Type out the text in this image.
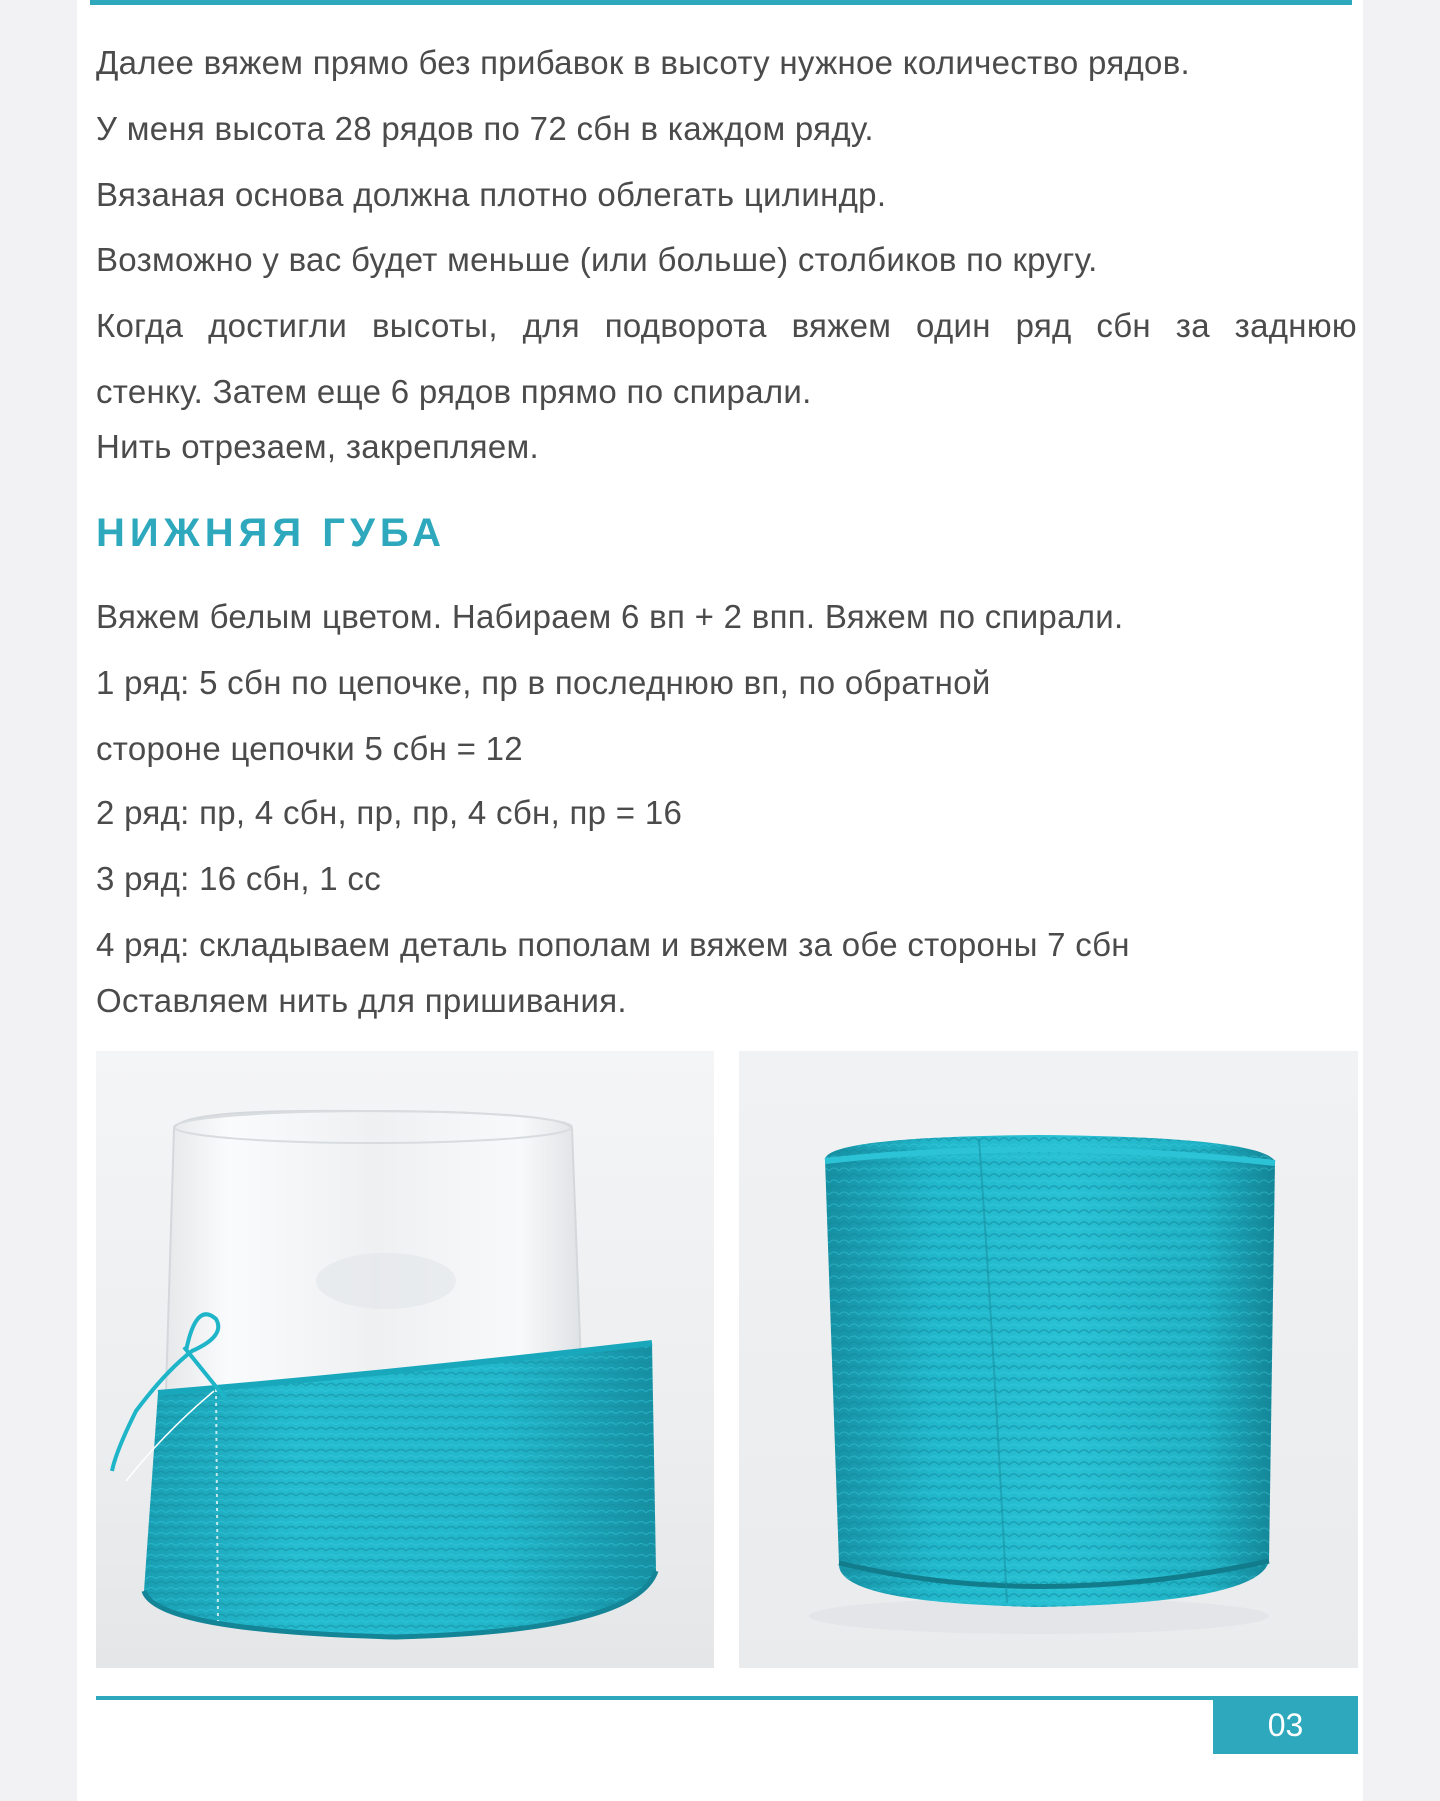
Далее вяжем прямо без прибавок в высоту нужное количество рядов.
У меня высота 28 рядов по 72 сбн в каждом ряду.
Вязаная основа должна плотно облегать цилиндр.
Возможно у вас будет меньше (или больше) столбиков по кругу.
Когда достигли высоты, для подворота вяжем один ряд сбн за заднюю
стенку. Затем еще 6 рядов прямо по спирали.
Нить отрезаем, закрепляем.
НИЖНЯЯ ГУБА
Вяжем белым цветом. Набираем 6 вп + 2 впп. Вяжем по спирали.
1 ряд: 5 сбн по цепочке, пр в последнюю вп, по обратной
стороне цепочки 5 сбн = 12
2 ряд: пр, 4 сбн, пр, пр, 4 сбн, пр = 16
3 ряд: 16 сбн, 1 сс
4 ряд: складываем деталь пополам и вяжем за обе стороны 7 сбн
Оставляем нить для пришивания.
03
